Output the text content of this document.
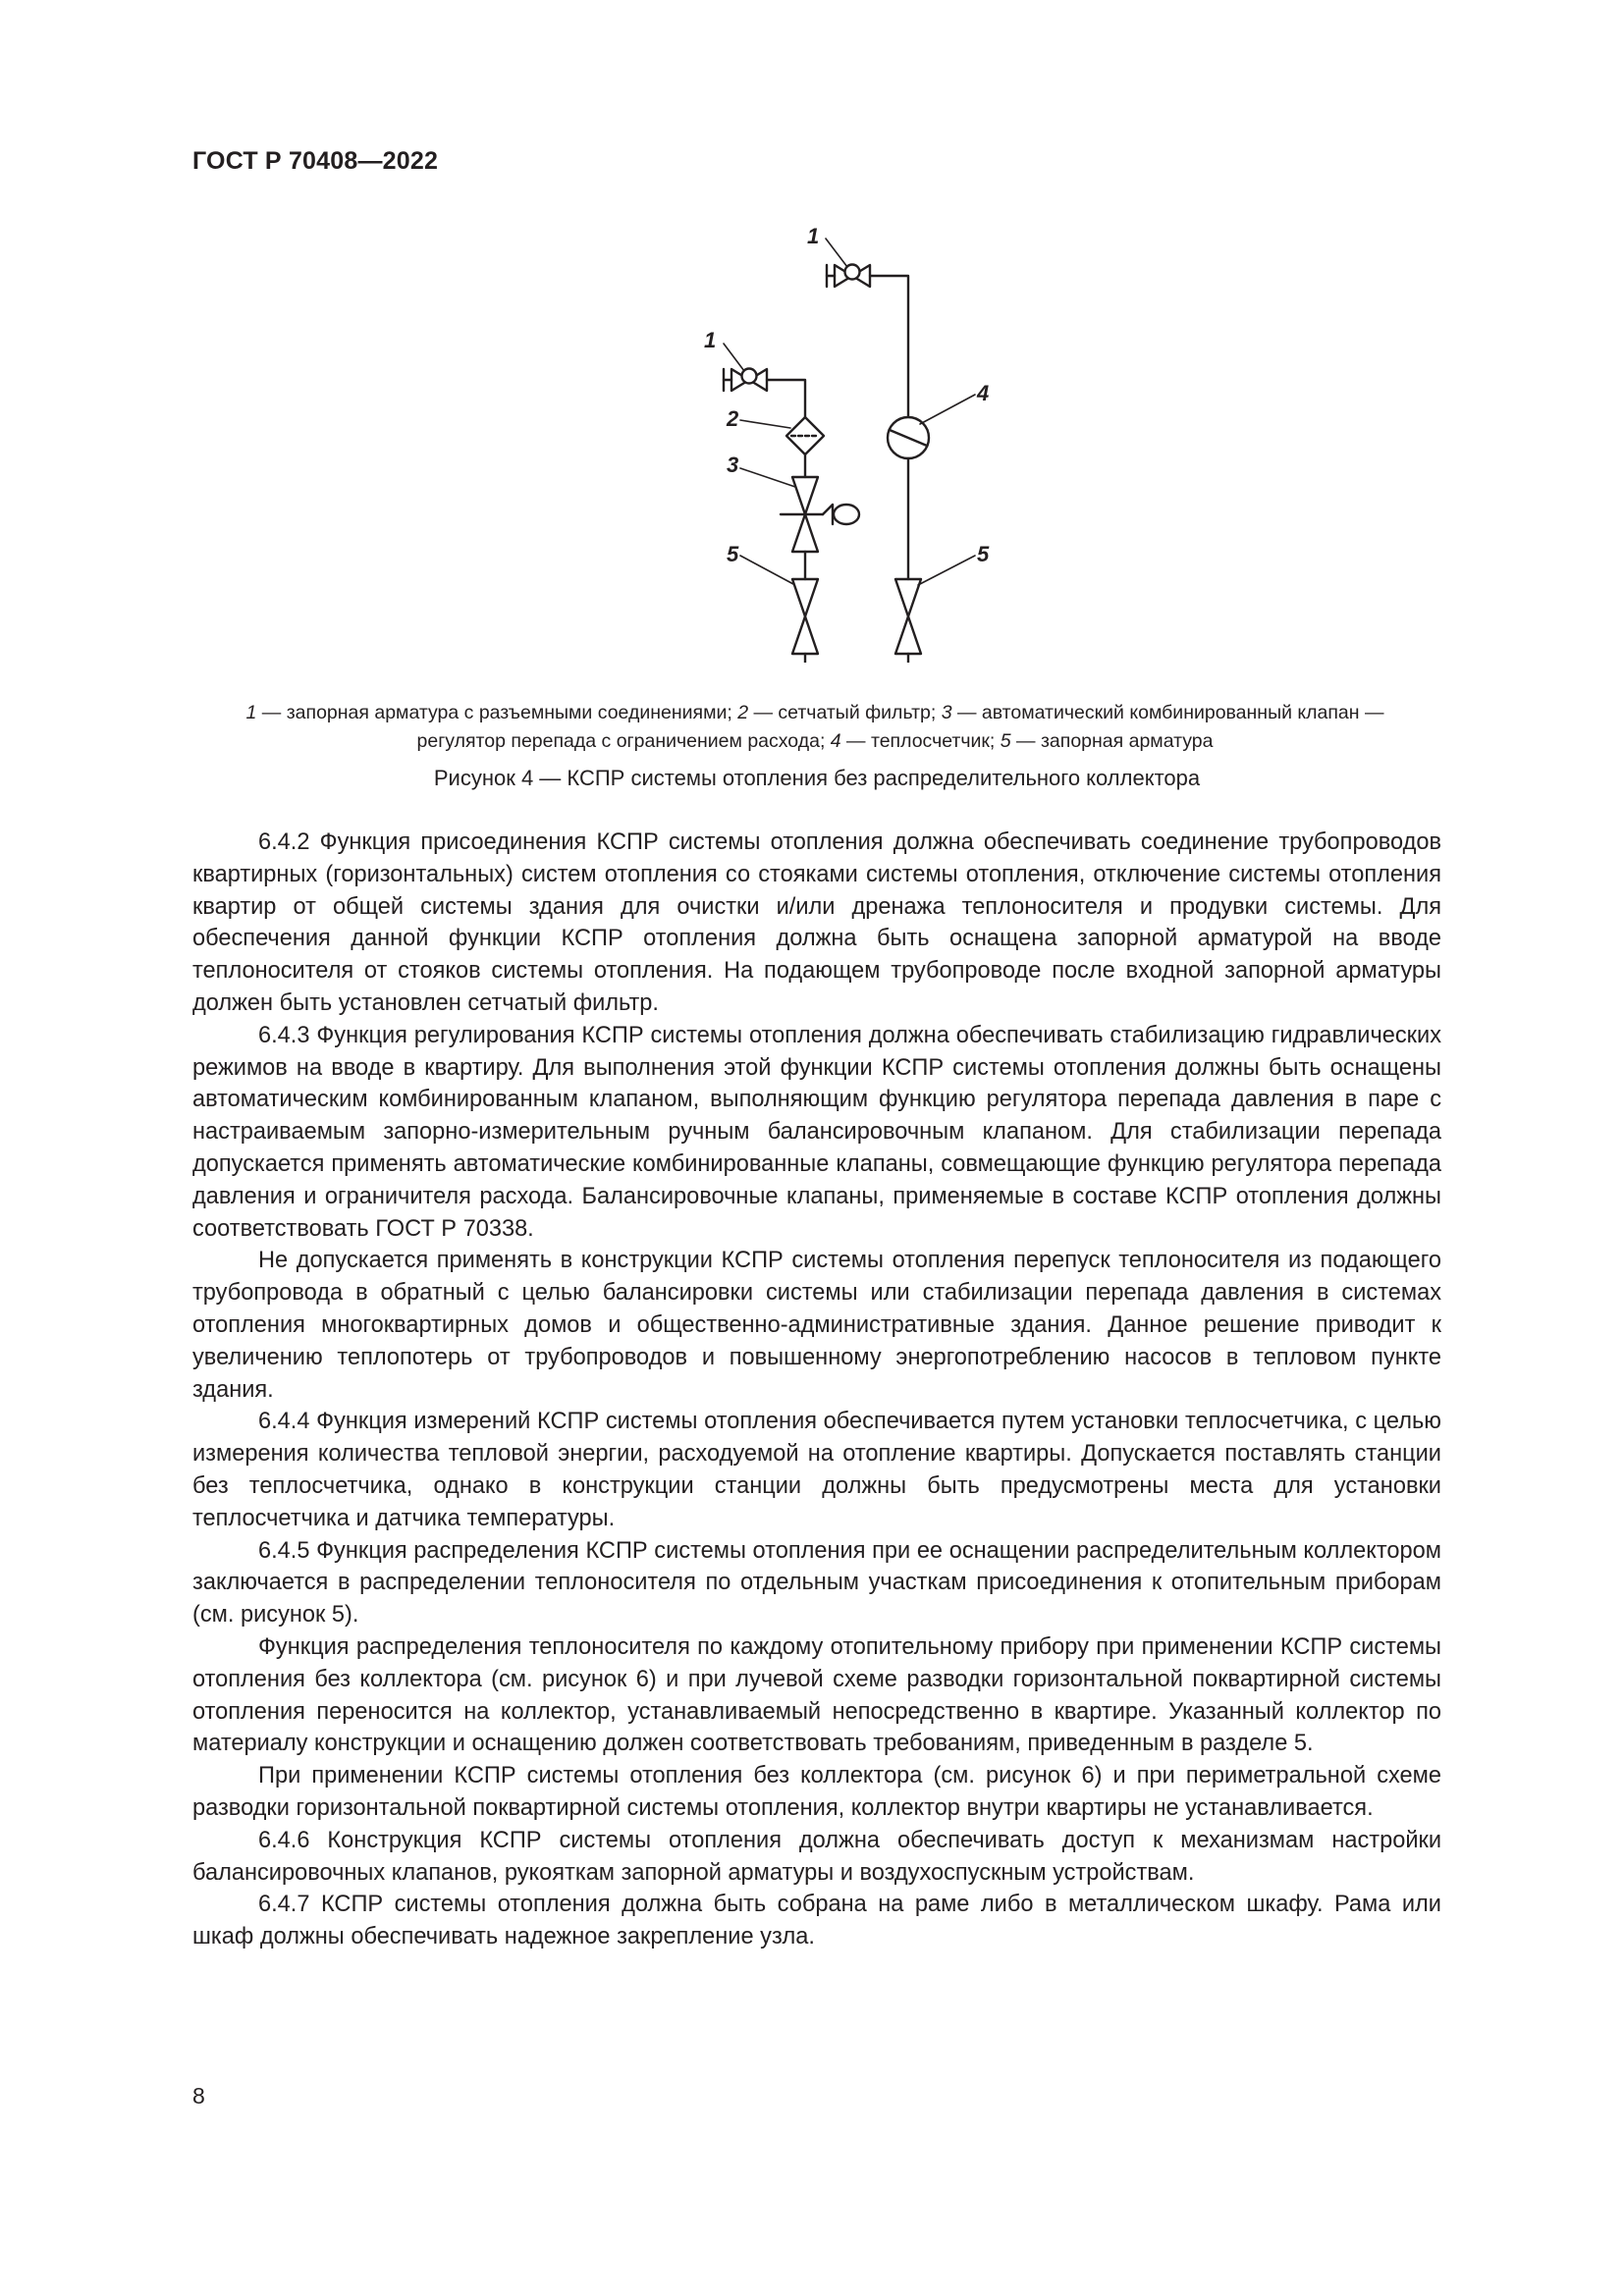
ГОСТ Р 70408—2022
1
1
2
3
5
4
5
1 — запорная арматура с разъемными соединениями; 2 — сетчатый фильтр; 3 — автоматический комбинированный клапан — регулятор перепада с ограничением расхода; 4 — теплосчетчик; 5 — запорная арматура
Рисунок 4 — КСПР системы отопления без распределительного коллектора

6.4.2 Функция присоединения КСПР системы отопления должна обеспечивать соединение трубопроводов квартирных (горизонтальных) систем отопления со стояками системы отопления, отключение системы отопления квартир от общей системы здания для очистки и/или дренажа теплоносителя и продувки системы. Для обеспечения данной функции КСПР отопления должна быть оснащена запорной арматурой на вводе теплоносителя от стояков системы отопления. На подающем трубопроводе после входной запорной арматуры должен быть установлен сетчатый фильтр.

6.4.3 Функция регулирования КСПР системы отопления должна обеспечивать стабилизацию гидравлических режимов на вводе в квартиру. Для выполнения этой функции КСПР системы отопления должны быть оснащены автоматическим комбинированным клапаном, выполняющим функцию регулятора перепада давления в паре с настраиваемым запорно-измерительным ручным балансировочным клапаном. Для стабилизации перепада допускается применять автоматические комбинированные клапаны, совмещающие функцию регулятора перепада давления и ограничителя расхода. Балансировочные клапаны, применяемые в составе КСПР отопления должны соответствовать ГОСТ Р 70338.

Не допускается применять в конструкции КСПР системы отопления перепуск теплоносителя из подающего трубопровода в обратный с целью балансировки системы или стабилизации перепада давления в системах отопления многоквартирных домов и общественно-административные здания. Данное решение приводит к увеличению теплопотерь от трубопроводов и повышенному энергопотреблению насосов в тепловом пункте здания.

6.4.4 Функция измерений КСПР системы отопления обеспечивается путем установки теплосчетчика, с целью измерения количества тепловой энергии, расходуемой на отопление квартиры. Допускается поставлять станции без теплосчетчика, однако в конструкции станции должны быть предусмотрены места для установки теплосчетчика и датчика температуры.

6.4.5 Функция распределения КСПР системы отопления при ее оснащении распределительным коллектором заключается в распределении теплоносителя по отдельным участкам присоединения к отопительным приборам (см. рисунок 5).

Функция распределения теплоносителя по каждому отопительному прибору при применении КСПР системы отопления без коллектора (см. рисунок 6) и при лучевой схеме разводки горизонтальной поквартирной системы отопления переносится на коллектор, устанавливаемый непосредственно в квартире. Указанный коллектор по материалу конструкции и оснащению должен соответствовать требованиям, приведенным в разделе 5.

При применении КСПР системы отопления без коллектора (см. рисунок 6) и при периметральной схеме разводки горизонтальной поквартирной системы отопления, коллектор внутри квартиры не устанавливается.

6.4.6 Конструкция КСПР системы отопления должна обеспечивать доступ к механизмам настройки балансировочных клапанов, рукояткам запорной арматуры и воздухоспускным устройствам.

6.4.7 КСПР системы отопления должна быть собрана на раме либо в металлическом шкафу. Рама или шкаф должны обеспечивать надежное закрепление узла.

8
